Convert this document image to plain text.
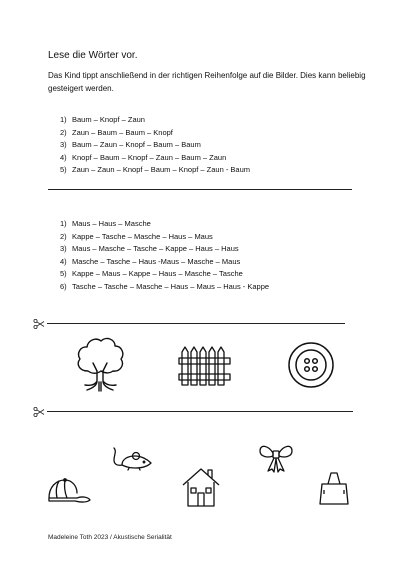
Lese die Wörter vor.
Das Kind tippt anschließend in der richtigen Reihenfolge auf die Bilder. Dies kann beliebig gesteigert werden.
1) Baum – Knopf – Zaun
2) Zaun – Baum – Baum – Knopf
3) Baum – Zaun – Knopf – Baum – Baum
4) Knopf – Baum – Knopf – Zaun – Baum – Zaun
5) Zaun – Zaun – Knopf – Baum – Knopf – Zaun - Baum
1) Maus – Haus – Masche
2) Kappe – Tasche – Masche – Haus – Maus
3) Maus – Masche – Tasche – Kappe – Haus – Haus
4) Masche – Tasche – Haus -Maus – Masche – Maus
5) Kappe – Maus – Kappe – Haus – Masche – Tasche
6) Tasche – Tasche – Masche – Haus – Maus – Haus - Kappe
Madeleine Toth 2023 / Akustische Serialität
